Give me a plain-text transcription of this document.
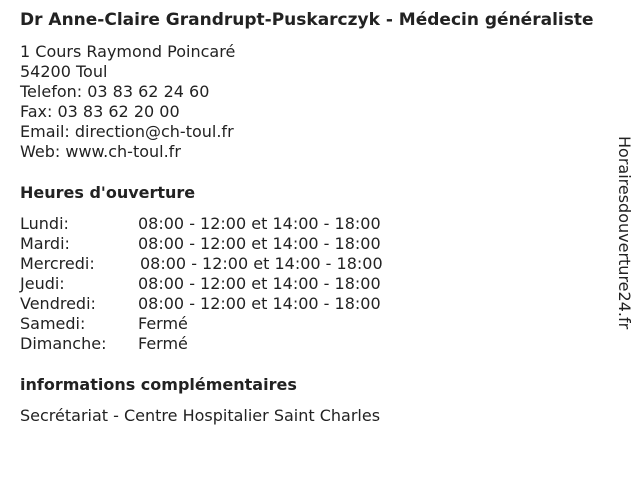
Dr Anne-Claire Grandrupt-Puskarczyk - Médecin généraliste
1 Cours Raymond Poincaré
54200 Toul
Telefon: 03 83 62 24 60
Fax: 03 83 62 20 00
Email: direction@ch-toul.fr
Web: www.ch-toul.fr
Heures d'ouverture
Lundi:	08:00 - 12:00 et 14:00 - 18:00
Mardi:	08:00 - 12:00 et 14:00 - 18:00
Mercredi:	08:00 - 12:00 et 14:00 - 18:00
Jeudi:	08:00 - 12:00 et 14:00 - 18:00
Vendredi:	08:00 - 12:00 et 14:00 - 18:00
Samedi:	Fermé
Dimanche: Fermé
informations complémentaires
Secrétariat - Centre Hospitalier Saint Charles
Horairesdouverture24.fr
